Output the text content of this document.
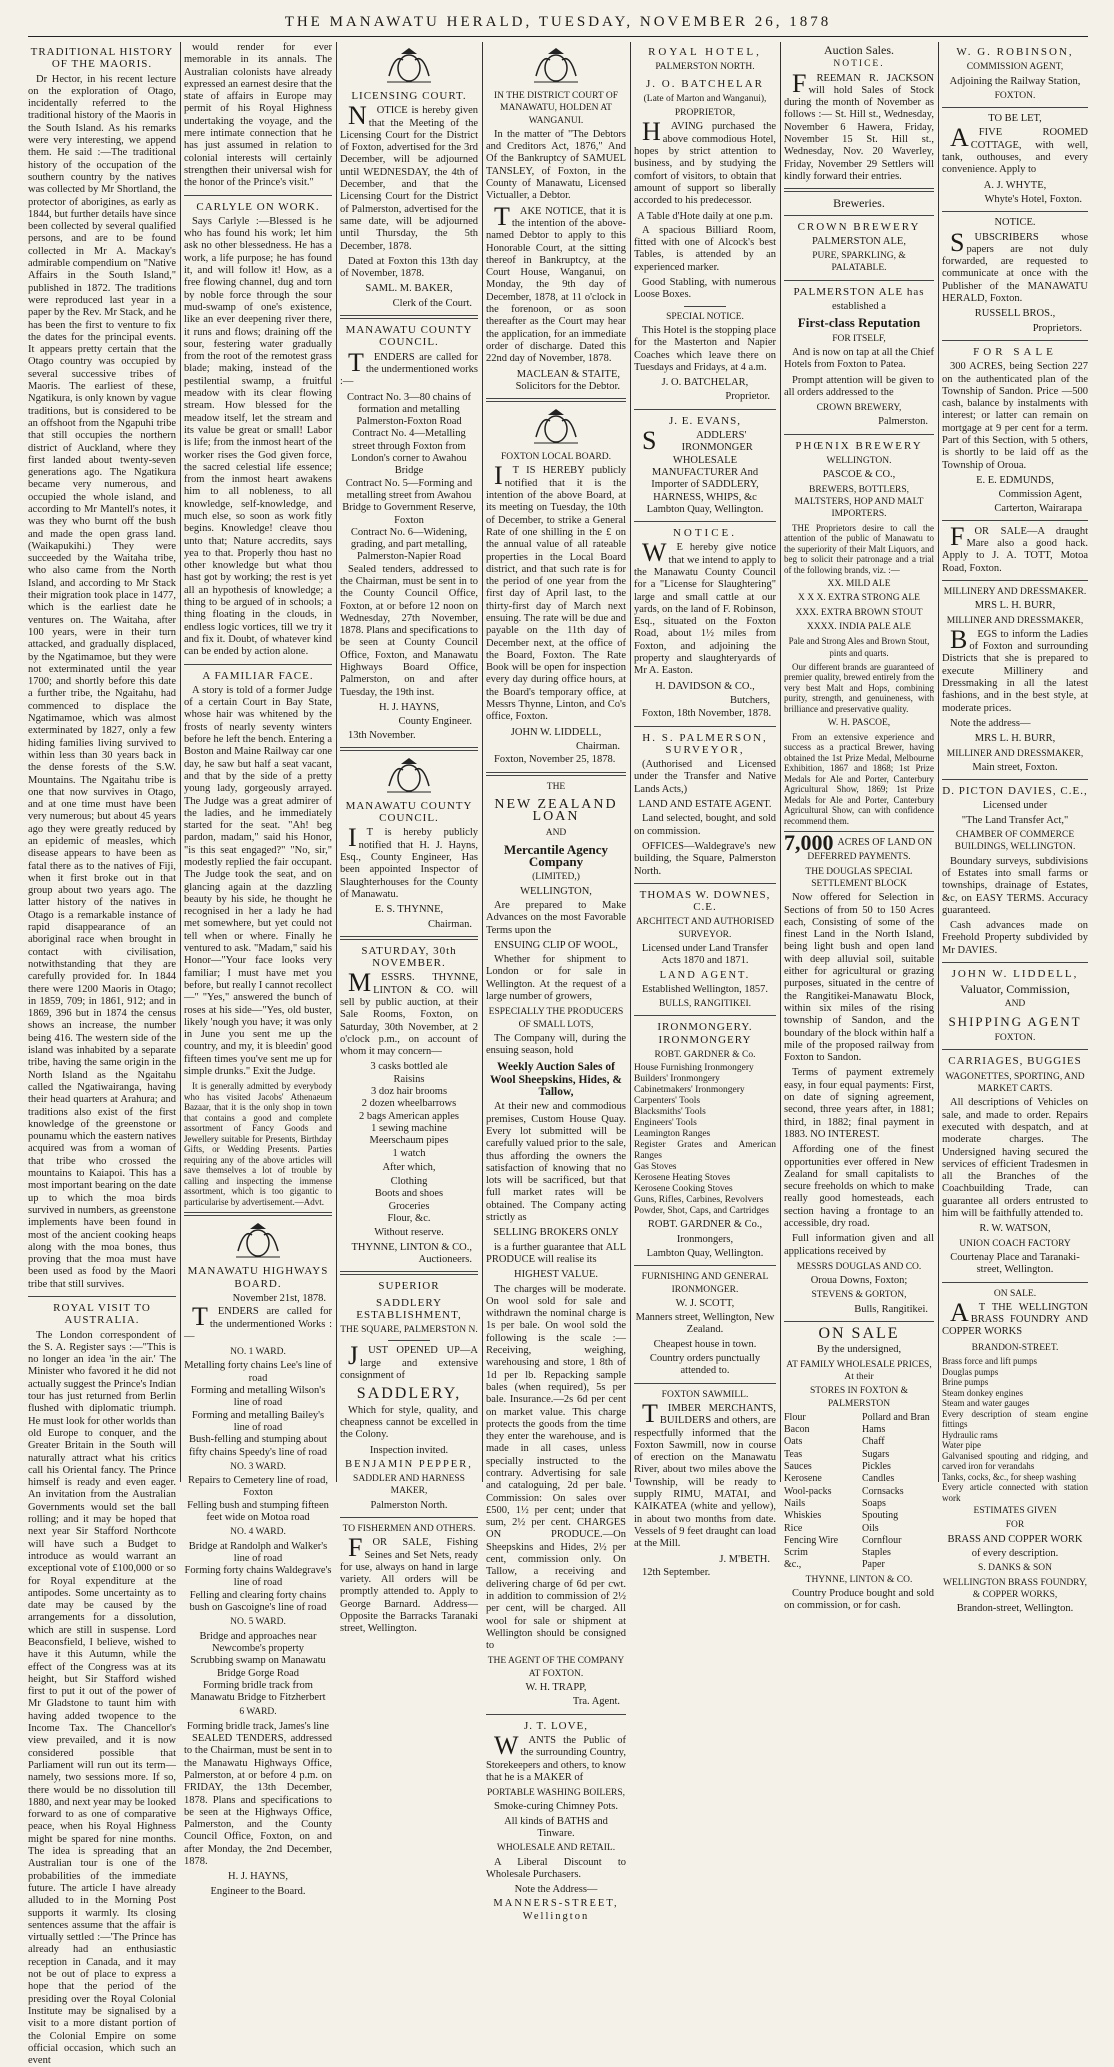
THE MANAWATU HERALD, TUESDAY, NOVEMBER 26, 1878
TRADITIONAL HISTORY OF THE MAORIS.
Dr Hector, in his recent lecture on the exploration of Otago, incidentally referred to the traditional history of the Maoris in the South Island. As his remarks were very interesting, we append them. He said :—The traditional history of the occupation of the southern country by the natives was collected by Mr Shortland, the protector of aborigines, as early as 1844, but further details have since been collected by several qualified persons, and are to be found collected in Mr A. Mackay's admirable compendium on "Native Affairs in the South Island," published in 1872. The traditions were reproduced last year in a paper by the Rev. Mr Stack, and he has been the first to venture to fix the dates for the principal events. It appears pretty certain that the Otago country was occupied by several successive tribes of Maoris. The earliest of these, Ngatikura, is only known by vague traditions, but is considered to be an offshoot from the Ngapuhi tribe that still occupies the northern district of Auckland, where they first landed about twenty-seven generations ago. The Ngatikura became very numerous, and occupied the whole island, and according to Mr Mantell's notes, it was they who burnt off the bush and made the open grass land. (Waikapukihi.) They were succeeded by the Waitaha tribe, who also came from the North Island, and according to Mr Stack their migration took place in 1477, which is the earliest date he ventures on. The Waitaha, after 100 years, were in their turn attacked, and gradually displaced, by the Ngatimamoe, but they were not exterminated until the year 1700; and shortly before this date a further tribe, the Ngaitahu, had commenced to displace the Ngatimamoe, which was almost exterminated by 1827, only a few hiding families living survived to within less than 30 years back in the dense forests of the S.W. Mountains. The Ngaitahu tribe is one that now survives in Otago, and at one time must have been very numerous; but about 45 years ago they were greatly reduced by an epidemic of measles, which disease appears to have been as fatal there as to the natives of Fiji, when it first broke out in that group about two years ago. The latter history of the natives in Otago is a remarkable instance of rapid disappearance of an aboriginal race when brought in contact with civilisation, notwithstanding that they are carefully provided for. In 1844 there were 1200 Maoris in Otago; in 1859, 709; in 1861, 912; and in 1869, 396 but in 1874 the census shows an increase, the number being 416. The western side of the island was inhabited by a separate tribe, having the same origin in the North Island as the Ngaitahu called the Ngatiwairanga, having their head quarters at Arahura; and traditions also exist of the first knowledge of the greenstone or pounamu which the eastern natives acquired was from a woman of that tribe who crossed the mountains to Kaiapoi. This has a most important bearing on the date up to which the moa birds survived in numbers, as greenstone implements have been found in most of the ancient cooking heaps along with the moa bones, thus proving that the moa must have been used as food by the Maori tribe that still survives.
ROYAL VISIT TO AUSTRALIA.
The London correspondent of the S. A. Register says :—"This is no longer an idea 'in the air.' The Minister who favored it he did not actually suggest the Prince's Indian tour has just returned from Berlin flushed with diplomatic triumph. He must look for other worlds than old Europe to conquer, and the Greater Britain in the South will naturally attract what his critics call his Oriental fancy. The Prince himself is ready and even eager. An invitation from the Australian Governments would set the ball rolling; and it may be hoped that next year Sir Stafford Northcote will have such a Budget to introduce as would warrant an exceptional vote of £100,000 or so for Royal expenditure at the antipodes. Some uncertainty as to date may be caused by the arrangements for a dissolution, which are still in suspense. Lord Beaconsfield, I believe, wished to have it this Autumn, while the effect of the Congress was at its height, but Sir Stafford wished first to put it out of the power of Mr Gladstone to taunt him with having added twopence to the Income Tax. The Chancellor's view prevailed, and it is now considered possible that Parliament will run out its term—namely, two sessions more. If so, there would be no dissolution till 1880, and next year may be looked forward to as one of comparative peace, when his Royal Highness might be spared for nine months. The idea is spreading that an Australian tour is one of the probabilities of the immediate future. The article I have already alluded to in the Morning Post supports it warmly. Its closing sentences assume that the affair is virtually settled :—'The Prince has already had an enthusiastic reception in Canada, and it may not be out of place to express a hope that the period of the presiding over the Royal Colonial Institute may be signalised by a visit to a more distant portion of the Colonial Empire on some official occasion, which such an event
would render for ever memorable in its annals. The Australian colonists have already expressed an earnest desire that the state of affairs in Europe may permit of his Royal Highness undertaking the voyage, and the mere intimate connection that he has just assumed in relation to colonial interests will certainly strengthen their universal wish for the honor of the Prince's visit."
CARLYLE ON WORK.
Says Carlyle :—Blessed is he who has found his work; let him ask no other blessedness. He has a work, a life purpose; he has found it, and will follow it! How, as a free flowing channel, dug and torn by noble force through the sour mud-swamp of one's existence, like an ever deepening river there, it runs and flows; draining off the sour, festering water gradually from the root of the remotest grass blade; making, instead of the pestilential swamp, a fruitful meadow with its clear flowing stream. How blessed for the meadow itself, let the stream and its value be great or small! Labor is life; from the inmost heart of the worker rises the God given force, the sacred celestial life essence; from the inmost heart awakens him to all nobleness, to all knowledge, self-knowledge, and much else, so soon as work fitly begins. Knowledge! cleave thou unto that; Nature accredits, says yea to that. Properly thou hast no other knowledge but what thou hast got by working; the rest is yet all an hypothesis of knowledge; a thing to be argued of in schools; a thing floating in the clouds, in endless logic vortices, till we try it and fix it. Doubt, of whatever kind can be ended by action alone.
A FAMILIAR FACE.
A story is told of a former Judge of a certain Court in Bay State, whose hair was whitened by the frosts of nearly seventy winters before he left the bench. Entering a Boston and Maine Railway car one day, he saw but half a seat vacant, and that by the side of a pretty young lady, gorgeously arrayed. The Judge was a great admirer of the ladies, and he immediately started for the seat. "Ah! beg pardon, madam," said his Honor, "is this seat engaged?" "No, sir," modestly replied the fair occupant. The Judge took the seat, and on glancing again at the dazzling beauty by his side, he thought he recognised in her a lady he had met somewhere, but yet could not tell when or where. Finally he ventured to ask. "Madam," said his Honor—"Your face looks very familiar; I must have met you before, but really I cannot recollect—" "Yes," answered the bunch of roses at his side—"Yes, old buster, likely 'nough you have; it was only in June you sent me up the country, and my, it is bleedin' good fifteen times you've sent me up for simple drunks." Exit the Judge.
It is generally admitted by everybody who has visited Jacobs' Athenaeum Bazaar, that it is the only shop in town that contains a good and complete assortment of Fancy Goods and Jewellery suitable for Presents, Birthday Gifts, or Wedding Presents. Parties requiring any of the above articles will save themselves a lot of trouble by calling and inspecting the immense assortment, which is too gigantic to particularise by advertisement.—Advt.
MANAWATU HIGHWAYS BOARD.
November 21st, 1878.
TENDERS are called for the undermentioned Works :—
NO. 1 WARD.
Metalling forty chains Lee's line of road
Forming and metalling Wilson's line of road
Forming and metalling Bailey's line of road
Bush-felling and stumping about fifty chains Speedy's line of road
NO. 3 WARD.
Repairs to Cemetery line of road, Foxton
Felling bush and stumping fifteen feet wide on Motoa road
NO. 4 WARD.
Bridge at Randolph and Walker's line of road
Forming forty chains Waldegrave's line of road
Felling and clearing forty chains bush on Gascoigne's line of road
NO. 5 WARD.
Bridge and approaches near Newcombe's property
Scrubbing swamp on Manawatu Bridge Gorge Road
Forming bridle track from Manawatu Bridge to Fitzherbert
6 WARD.
Forming bridle track, James's line
SEALED TENDERS, addressed to the Chairman, must be sent in to the Manawatu Highways Office, Palmerston, at or before 4 p.m. on FRIDAY, the 13th December, 1878. Plans and specifications to be seen at the Highways Office, Palmerston, and the County Council Office, Foxton, on and after Monday, the 2nd December, 1878.
H. J. HAYNS,
Engineer to the Board.
LICENSING COURT.
NOTICE is hereby given that the Meeting of the Licensing Court for the District of Foxton, advertised for the 3rd December, will be adjourned until WEDNESDAY, the 4th of December, and that the Licensing Court for the District of Palmerston, advertised for the same date, will be adjourned until Thursday, the 5th December, 1878.
Dated at Foxton this 13th day of November, 1878.
SAML. M. BAKER,
Clerk of the Court.
MANAWATU COUNTY COUNCIL.
TENDERS are called for the undermentioned works :—
Contract No. 3—80 chains of formation and metalling Palmerston-Foxton Road
Contract No. 4—Metalling street through Foxton from London's corner to Awahou Bridge
Contract No. 5—Forming and metalling street from Awahou Bridge to Government Reserve, Foxton
Contract No. 6—Widening, grading, and part metalling, Palmerston-Napier Road
Sealed tenders, addressed to the Chairman, must be sent in to the County Council Office, Foxton, at or before 12 noon on Wednesday, 27th November, 1878. Plans and specifications to be seen at County Council Office, Foxton, and Manawatu Highways Board Office, Palmerston, on and after Tuesday, the 19th inst.
H. J. HAYNS,
County Engineer.
13th November.
MANAWATU COUNTY COUNCIL.
IT is hereby publicly notified that H. J. Hayns, Esq., County Engineer, Has been appointed Inspector of Slaughterhouses for the County of Manawatu.
E. S. THYNNE,
Chairman.
SATURDAY, 30th NOVEMBER.
MESSRS. THYNNE, LINTON & CO. will sell by public auction, at their Sale Rooms, Foxton, on Saturday, 30th November, at 2 o'clock p.m., on account of whom it may concern—
3 casks bottled ale
Raisins
3 doz hair brooms
2 dozen wheelbarrows
2 bags American apples
1 sewing machine
Meerschaum pipes
1 watch
After which,
Clothing
Boots and shoes
Groceries
Flour, &c.
Without reserve.
THYNNE, LINTON & CO., Auctioneers.
SUPERIOR
SADDLERY ESTABLISHMENT,
THE SQUARE, PALMERSTON N.
JUST OPENED UP—A large and extensive consignment of
SADDLERY,
Which for style, quality, and cheapness cannot be excelled in the Colony.
Inspection invited.
BENJAMIN PEPPER,
SADDLER AND HARNESS MAKER,
Palmerston North.
TO FISHERMEN AND OTHERS.
FOR SALE, Fishing Seines and Set Nets, ready for use, always on hand in large variety. All orders will be promptly attended to. Apply to George Barnard. Address—Opposite the Barracks Taranaki street, Wellington.
IN THE DISTRICT COURT OF MANAWATU, HOLDEN AT WANGANUI.
In the matter of "The Debtors and Creditors Act, 1876," And Of the Bankruptcy of SAMUEL TANSLEY, of Foxton, in the County of Manawatu, Licensed Victualler, a Debtor.
TAKE NOTICE, that it is the intention of the above-named Debtor to apply to this Honorable Court, at the sitting thereof in Bankruptcy, at the Court House, Wanganui, on Monday, the 9th day of December, 1878, at 11 o'clock in the forenoon, or as soon thereafter as the Court may hear the application, for an immediate order of discharge. Dated this 22nd day of November, 1878.
MACLEAN & STAITE, Solicitors for the Debtor.
FOXTON LOCAL BOARD.
IT IS HEREBY publicly notified that it is the intention of the above Board, at its meeting on Tuesday, the 10th of December, to strike a General Rate of one shilling in the £ on the annual value of all rateable properties in the Local Board district, and that such rate is for the period of one year from the first day of April last, to the thirty-first day of March next ensuing. The rate will be due and payable on the 11th day of December next, at the office of the Board, Foxton. The Rate Book will be open for inspection every day during office hours, at the Board's temporary office, at Messrs Thynne, Linton, and Co's office, Foxton.
JOHN W. LIDDELL,
Chairman.
Foxton, November 25, 1878.
THE
NEW ZEALAND LOAN
AND
Mercantile Agency Company
(LIMITED,)
WELLINGTON,
Are prepared to Make Advances on the most Favorable Terms upon the
ENSUING CLIP OF WOOL,
Whether for shipment to London or for sale in Wellington. At the request of a large number of growers,
ESPECIALLY THE PRODUCERS OF SMALL LOTS,
The Company will, during the ensuing season, hold
Weekly Auction Sales of Wool Sheepskins, Hides, & Tallow,
At their new and commodious premises, Custom House Quay. Every lot submitted will be carefully valued prior to the sale, thus affording the owners the satisfaction of knowing that no lots will be sacrificed, but that full market rates will be obtained. The Company acting strictly as
SELLING BROKERS ONLY
is a further guarantee that ALL PRODUCE will realise its
HIGHEST VALUE.
The charges will be moderate. On wool sold for sale and withdrawn the nominal charge is 1s per bale. On wool sold the following is the scale :— Receiving, weighing, warehousing and store, 1 8th of 1d per lb. Repacking sample bales (when required), 5s per bale. Insurance.—2s 6d per cent on market value. This charge protects the goods from the time they enter the warehouse, and is made in all cases, unless specially instructed to the contrary. Advertising for sale and cataloguing, 2d per bale. Commission: On sales over £500, 1½ per cent; under that sum, 2½ per cent. CHARGES ON PRODUCE.—On Sheepskins and Hides, 2½ per cent, commission only. On Tallow, a receiving and delivering charge of 6d per cwt. in addition to commission of 2½ per cent, will be charged. All wool for sale or shipment at Wellington should be consigned to
THE AGENT OF THE COMPANY AT FOXTON.
W. H. TRAPP,
Tra. Agent.
J. T. LOVE,
WANTS the Public of the surrounding Country, Storekeepers and others, to know that he is a MAKER of
PORTABLE WASHING BOILERS,
Smoke-curing Chimney Pots.
All kinds of BATHS and Tinware.
WHOLESALE AND RETAIL.
A Liberal Discount to Wholesale Purchasers.
Note the Address—
MANNERS-STREET, Wellington
ROYAL HOTEL,
PALMERSTON NORTH.
J. O. BATCHELAR
(Late of Marton and Wanganui),
PROPRIETOR,
HAVING purchased the above commodious Hotel, hopes by strict attention to business, and by studying the comfort of visitors, to obtain that amount of support so liberally accorded to his predecessor.
A Table d'Hote daily at one p.m.
A spacious Billiard Room, fitted with one of Alcock's best Tables, is attended by an experienced marker.
Good Stabling, with numerous Loose Boxes.
SPECIAL NOTICE.
This Hotel is the stopping place for the Masterton and Napier Coaches which leave there on Tuesdays and Fridays, at 4 a.m.
J. O. BATCHELAR,
Proprietor.
J. E. EVANS,
SADDLERS' IRONMONGER WHOLESALE MANUFACTURER And Importer of SADDLERY, HARNESS, WHIPS, &c Lambton Quay, Wellington.
NOTICE.
WE hereby give notice that we intend to apply to the Manawatu County Council for a "License for Slaughtering" large and small cattle at our yards, on the land of F. Robinson, Esq., situated on the Foxton Road, about 1½ miles from Foxton, and adjoining the property and slaughteryards of Mr A. Easton.
H. DAVIDSON & CO.,
Butchers,
Foxton, 18th November, 1878.
H. S. PALMERSON, SURVEYOR,
(Authorised and Licensed under the Transfer and Native Lands Acts,)
LAND AND ESTATE AGENT.
Land selected, bought, and sold on commission.
OFFICES—Waldegrave's new building, the Square, Palmerston North.
THOMAS W. DOWNES, C.E.
ARCHITECT AND AUTHORISED SURVEYOR.
Licensed under Land Transfer Acts 1870 and 1871.
LAND AGENT.
Established Wellington, 1857.
BULLS, RANGITIKEI.
IRONMONGERY. IRONMONGERY
ROBT. GARDNER & Co.
House Furnishing Ironmongery
Builders' Ironmongery
Cabinetmakers' Ironmongery
Carpenters' Tools
Blacksmiths' Tools
Engineers' Tools
Leamington Ranges
Register Grates and American Ranges
Gas Stoves
Kerosene Heating Stoves
Kerosene Cooking Stoves
Guns, Rifles, Carbines, Revolvers
Powder, Shot, Caps, and Cartridges
ROBT. GARDNER & Co.,
Ironmongers,
Lambton Quay, Wellington.
FURNISHING AND GENERAL IRONMONGER.
W. J. SCOTT,
Manners street, Wellington, New Zealand.
Cheapest house in town.
Country orders punctually attended to.
FOXTON SAWMILL.
TIMBER MERCHANTS, BUILDERS and others, are respectfully informed that the Foxton Sawmill, now in course of erection on the Manawatu River, about two miles above the Township, will be ready to supply RIMU, MATAI, and KAIKATEA (white and yellow), in about two months from date. Vessels of 9 feet draught can load at the Mill.
J. M'BETH.
12th September.
Auction Sales.
NOTICE.
FREEMAN R. JACKSON will hold Sales of Stock during the month of November as follows :— St. Hill st., Wednesday, November 6 Hawera, Friday, November 15 St. Hill st., Wednesday, Nov. 20 Waverley, Friday, November 29 Settlers will kindly forward their entries.
Breweries.
CROWN BREWERY
PALMERSTON ALE,
PURE, SPARKLING, & PALATABLE.
PALMERSTON ALE has
established a
First-class Reputation
FOR ITSELF,
And is now on tap at all the Chief Hotels from Foxton to Patea.
Prompt attention will be given to all orders addressed to the
CROWN BREWERY,
Palmerston.
PHŒNIX BREWERY
WELLINGTON.
PASCOE & CO.,
BREWERS, BOTTLERS, MALTSTERS, HOP AND MALT IMPORTERS.
THE Proprietors desire to call the attention of the public of Manawatu to the superiority of their Malt Liquors, and beg to solicit their patronage and a trial of the following brands, viz. :—
XX. MILD ALE
X X X. EXTRA STRONG ALE
XXX. EXTRA BROWN STOUT
XXXX. INDIA PALE ALE
Pale and Strong Ales and Brown Stout, pints and quarts.
Our different brands are guaranteed of premier quality, brewed entirely from the very best Malt and Hops, combining purity, strength, and genuineness, with brilliance and preservative quality.
W. H. PASCOE,
From an extensive experience and success as a practical Brewer, having obtained the 1st Prize Medal, Melbourne Exhibition, 1867 and 1868; 1st Prize Medals for Ale and Porter, Canterbury Agricultural Show, 1869; 1st Prize Medals for Ale and Porter, Canterbury Agricultural Show, can with confidence recommend them.
7,000 ACRES OF LAND ON
DEFERRED PAYMENTS.
THE DOUGLAS SPECIAL SETTLEMENT BLOCK
Now offered for Selection in Sections of from 50 to 150 Acres each, Consisting of some of the finest Land in the North Island, being light bush and open land with deep alluvial soil, suitable either for agricultural or grazing purposes, situated in the centre of the Rangitikei-Manawatu Block, within six miles of the rising township of Sandon, and the boundary of the block within half a mile of the proposed railway from Foxton to Sandon.
Terms of payment extremely easy, in four equal payments: First, on date of signing agreement, second, three years after, in 1881; third, in 1882; final payment in 1883. NO INTEREST.
Affording one of the finest opportunities ever offered in New Zealand for small capitalists to secure freeholds on which to make really good homesteads, each section having a frontage to an accessible, dry road.
Full information given and all applications received by
MESSRS DOUGLAS AND CO.
Oroua Downs, Foxton;
STEVENS & GORTON,
Bulls, Rangitikei.
ON SALE
By the undersigned,
AT FAMILY WHOLESALE PRICES, At their
STORES IN FOXTON & PALMERSTON
Flour	Pollard and Bran
Bacon	Hams
Oats	Chaff
Teas	Sugars
Sauces	Pickles
Kerosene	Candles
Wool-packs	Cornsacks
Nails	Soaps
Whiskies	Spouting
Rice	Oils
Fencing Wire	Cornflour
Scrim	Staples
&c.,	Paper
THYNNE, LINTON & CO.
Country Produce bought and sold on commission, or for cash.
W. G. ROBINSON,
COMMISSION AGENT,
Adjoining the Railway Station,
FOXTON.
TO BE LET,
AFIVE ROOMED COTTAGE, with well, tank, outhouses, and every convenience. Apply to
A. J. WHYTE,
Whyte's Hotel, Foxton.
NOTICE.
SUBSCRIBERS whose papers are not duly forwarded, are requested to communicate at once with the Publisher of the MANAWATU HERALD, Foxton.
RUSSELL BROS.,
Proprietors.
FOR SALE
300 ACRES, being Section 227 on the authenticated plan of the Township of Sandon. Price —500 cash, balance by instalments with interest; or latter can remain on mortgage at 9 per cent for a term. Part of this Section, with 5 others, is shortly to be laid off as the Township of Oroua.
E. E. EDMUNDS,
Commission Agent,
Carterton, Wairarapa
FOR SALE—A draught Mare also a good hack. Apply to J. A. TOTT, Motoa Road, Foxton.
MILLINERY AND DRESSMAKER.
MRS L. H. BURR,
MILLINER AND DRESSMAKER,
BEGS to inform the Ladies of Foxton and surrounding Districts that she is prepared to execute Millinery and Dressmaking in all the latest fashions, and in the best style, at moderate prices.
Note the address—
MRS L. H. BURR,
MILLINER AND DRESSMAKER,
Main street, Foxton.
D. PICTON DAVIES, C.E.,
Licensed under
"The Land Transfer Act,"
CHAMBER OF COMMERCE BUILDINGS, WELLINGTON.
Boundary surveys, subdivisions of Estates into small farms or townships, drainage of Estates, &c, on EASY TERMS. Accuracy guaranteed.
Cash advances made on Freehold Property subdivided by Mr DAVIES.
JOHN W. LIDDELL,
Valuator, Commission,
AND
SHIPPING AGENT
FOXTON.
CARRIAGES, BUGGIES
WAGONETTES, SPORTING, AND MARKET CARTS.
All descriptions of Vehicles on sale, and made to order. Repairs executed with despatch, and at moderate charges. The Undersigned having secured the services of efficient Tradesmen in all the Branches of the Coachbuilding Trade, can guarantee all orders entrusted to him will be faithfully attended to.
R. W. WATSON,
UNION COACH FACTORY
Courtenay Place and Taranaki-street, Wellington.
ON SALE.
AT THE WELLINGTON BRASS FOUNDRY AND COPPER WORKS
BRANDON-STREET.
Brass force and lift pumps
Douglas pumps
Brine pumps
Steam donkey engines
Steam and water gauges
Every description of steam engine fittings
Hydraulic rams
Water pipe
Galvanised spouting and ridging, and carved iron for verandahs
Tanks, cocks, &c., for sheep washing
Every article connected with station work
ESTIMATES GIVEN
FOR
BRASS AND COPPER WORK
of every description.
S. DANKS & SON
WELLINGTON BRASS FOUNDRY, & COPPER WORKS,
Brandon-street, Wellington.
